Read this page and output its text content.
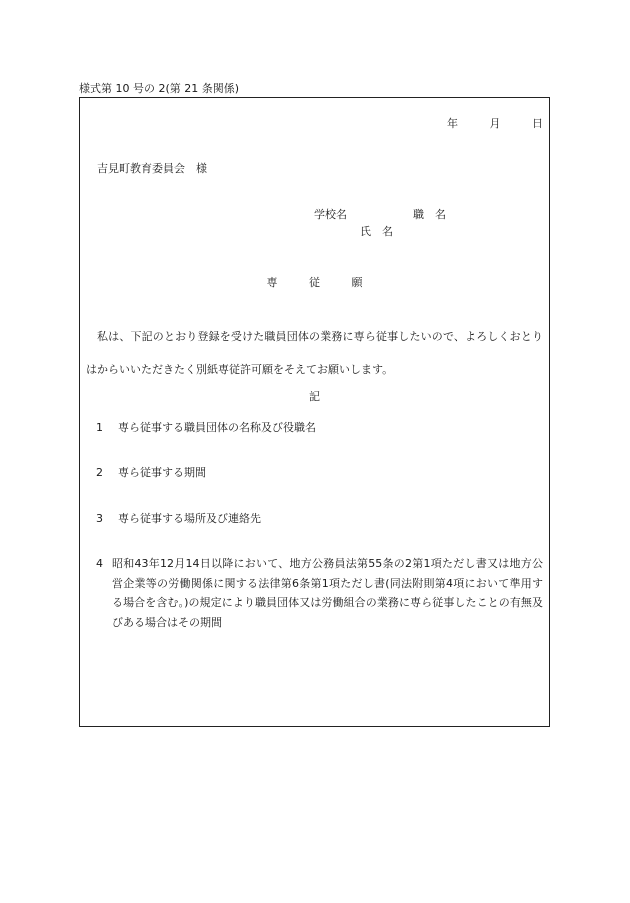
様式第 10 号の 2(第 21 条関係)
年	月	日
吉見町教育委員会　様
学校名	職　名
氏　名
専	従	願
私は、下記のとおり登録を受けた職員団体の業務に専ら従事したいので、よろしくおとりはからいいただきたく別紙専従許可願をそえてお願いします。
記
1 専ら従事する職員団体の名称及び役職名
2 専ら従事する期間
3 専ら従事する場所及び連絡先
4 昭和43年12月14日以降において、地方公務員法第55条の2第1項ただし書又は地方公営企業等の労働関係に関する法律第6条第1項ただし書(同法附則第4項において準用する場合を含む。)の規定により職員団体又は労働組合の業務に専ら従事したことの有無及びある場合はその期間
